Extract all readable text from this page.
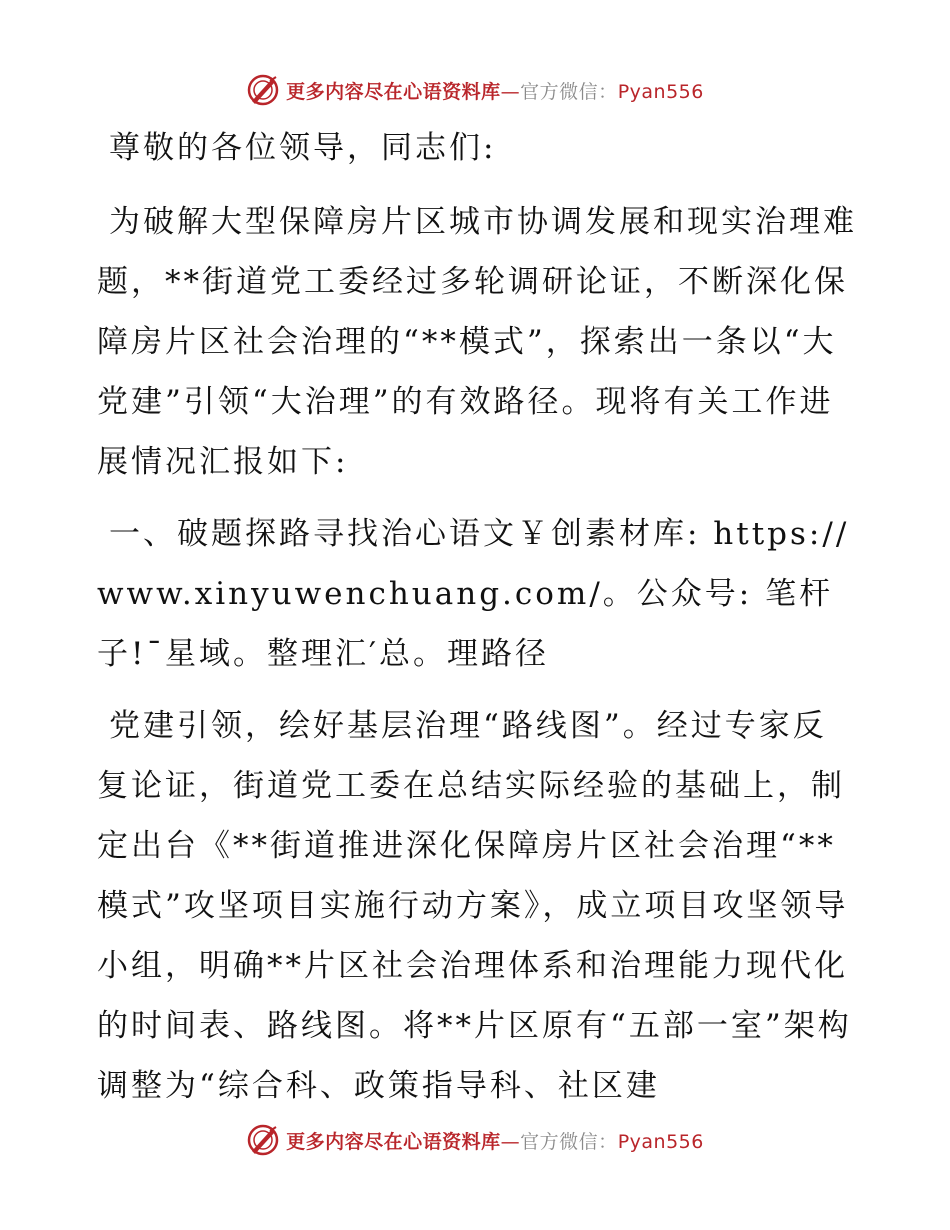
更多内容尽在心语资料库—官方微信：Pyan556

尊敬的各位领导，同志们:

为破解大型保障房片区城市协调发展和现实治理难题，**街道党工委经过多轮调研论证，不断深化保障房片区社会治理的“**模式”，探索出一条以“大党建”引领“大治理”的有效路径。现将有关工作进展情况汇报如下:

一、破题探路寻找治心语文￥创素材库: https://www.xinyuwenchuang.com/。公众号: 笔杆子!¯星域。整理汇′总。理路径

党建引领，绘好基层治理“路线图”。经过专家反复论证，街道党工委在总结实际经验的基础上，制定出台《**街道推进深化保障房片区社会治理“**模式”攻坚项目实施行动方案》，成立项目攻坚领导小组，明确**片区社会治理体系和治理能力现代化的时间表、路线图。将**片区原有“五部一室”架构调整为“综合科、政策指导科、社区建

更多内容尽在心语资料库—官方微信：Pyan556
